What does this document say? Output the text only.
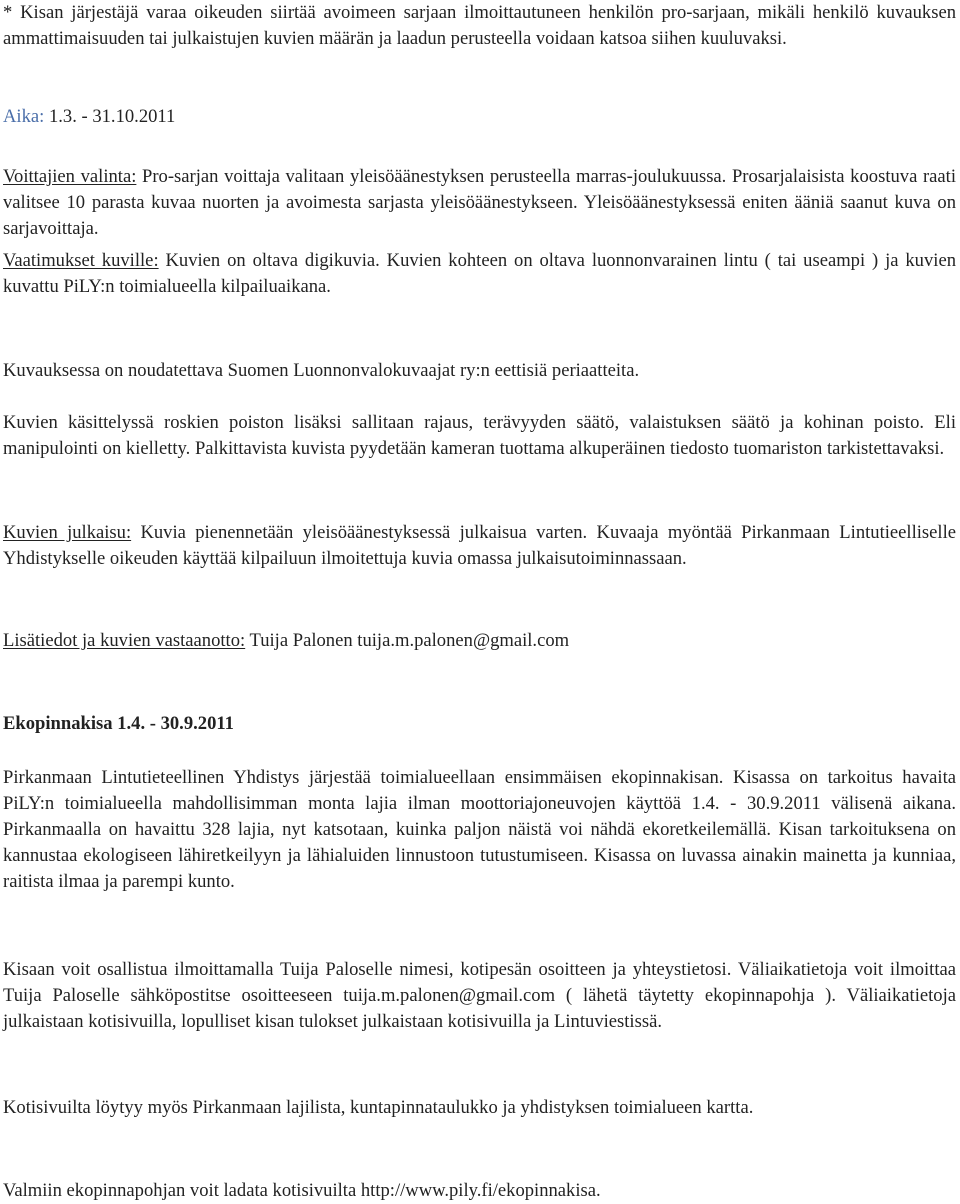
* Kisan järjestäjä varaa oikeuden siirtää avoimeen sarjaan ilmoittautuneen henkilön pro-sarjaan, mikäli henkilö kuvauksen ammattimaisuuden tai julkaistujen kuvien määrän ja laadun perusteella voidaan katsoa siihen kuuluvaksi.

Aika: 1.3. - 31.10.2011

Voittajien valinta: Pro-sarjan voittaja valitaan yleisöäänestyksen perusteella marras-joulukuussa. Prosarjalaisista koostuva raati valitsee 10 parasta kuvaa nuorten ja avoimesta sarjasta yleisöäänestykseen. Yleisöäänestyksessä eniten ääniä saanut kuva on sarjavoittaja.

Vaatimukset kuville: Kuvien on oltava digikuvia. Kuvien kohteen on oltava luonnonvarainen lintu ( tai useampi ) ja kuvien kuvattu PiLY:n toimialueella kilpailuaikana.

Kuvauksessa on noudatettava Suomen Luonnonvalokuvaajat ry:n eettisiä periaatteita.

Kuvien käsittelyssä roskien poiston lisäksi sallitaan rajaus, terävyyden säätö, valaistuksen säätö ja kohinan poisto. Eli manipulointi on kielletty. Palkittavista kuvista pyydetään kameran tuottama alkuperäinen tiedosto tuomariston tarkistettavaksi.

Kuvien julkaisu: Kuvia pienennetään yleisöäänestyksessä julkaisua varten. Kuvaaja myöntää Pirkanmaan Lintutieelliselle Yhdistykselle oikeuden käyttää kilpailuun ilmoitettuja kuvia omassa julkaisutoiminnassaan.

Lisätiedot ja kuvien vastaanotto: Tuija Palonen tuija.m.palonen@gmail.com

Ekopinnakisa 1.4. - 30.9.2011

Pirkanmaan Lintutieteellinen Yhdistys järjestää toimialueellaan ensimmäisen ekopinnakisan. Kisassa on tarkoitus havaita PiLY:n toimialueella mahdollisimman monta lajia ilman moottoriajoneuvojen käyttöä 1.4. - 30.9.2011 välisenä aikana. Pirkanmaalla on havaittu 328 lajia, nyt katsotaan, kuinka paljon näistä voi nähdä ekoretkeilemällä. Kisan tarkoituksena on kannustaa ekologiseen lähiretkeilyyn ja lähialuiden linnustoon tutustumiseen. Kisassa on luvassa ainakin mainetta ja kunniaa, raitista ilmaa ja parempi kunto.

Kisaan voit osallistua ilmoittamalla Tuija Paloselle nimesi, kotipesän osoitteen ja yhteystietosi. Väliaikatietoja voit ilmoittaa Tuija Paloselle sähköpostitse osoitteeseen tuija.m.palonen@gmail.com ( lähetä täytetty ekopinnapohja ). Väliaikatietoja julkaistaan kotisivuilla, lopulliset kisan tulokset julkaistaan kotisivuilla ja Lintuviestissä.

Kotisivuilta löytyy myös Pirkanmaan lajilista, kuntapinnataulukko ja yhdistyksen toimialueen kartta.

Valmiin ekopinnapohjan voit ladata kotisivuilta http://www.pily.fi/ekopinnakisa.
